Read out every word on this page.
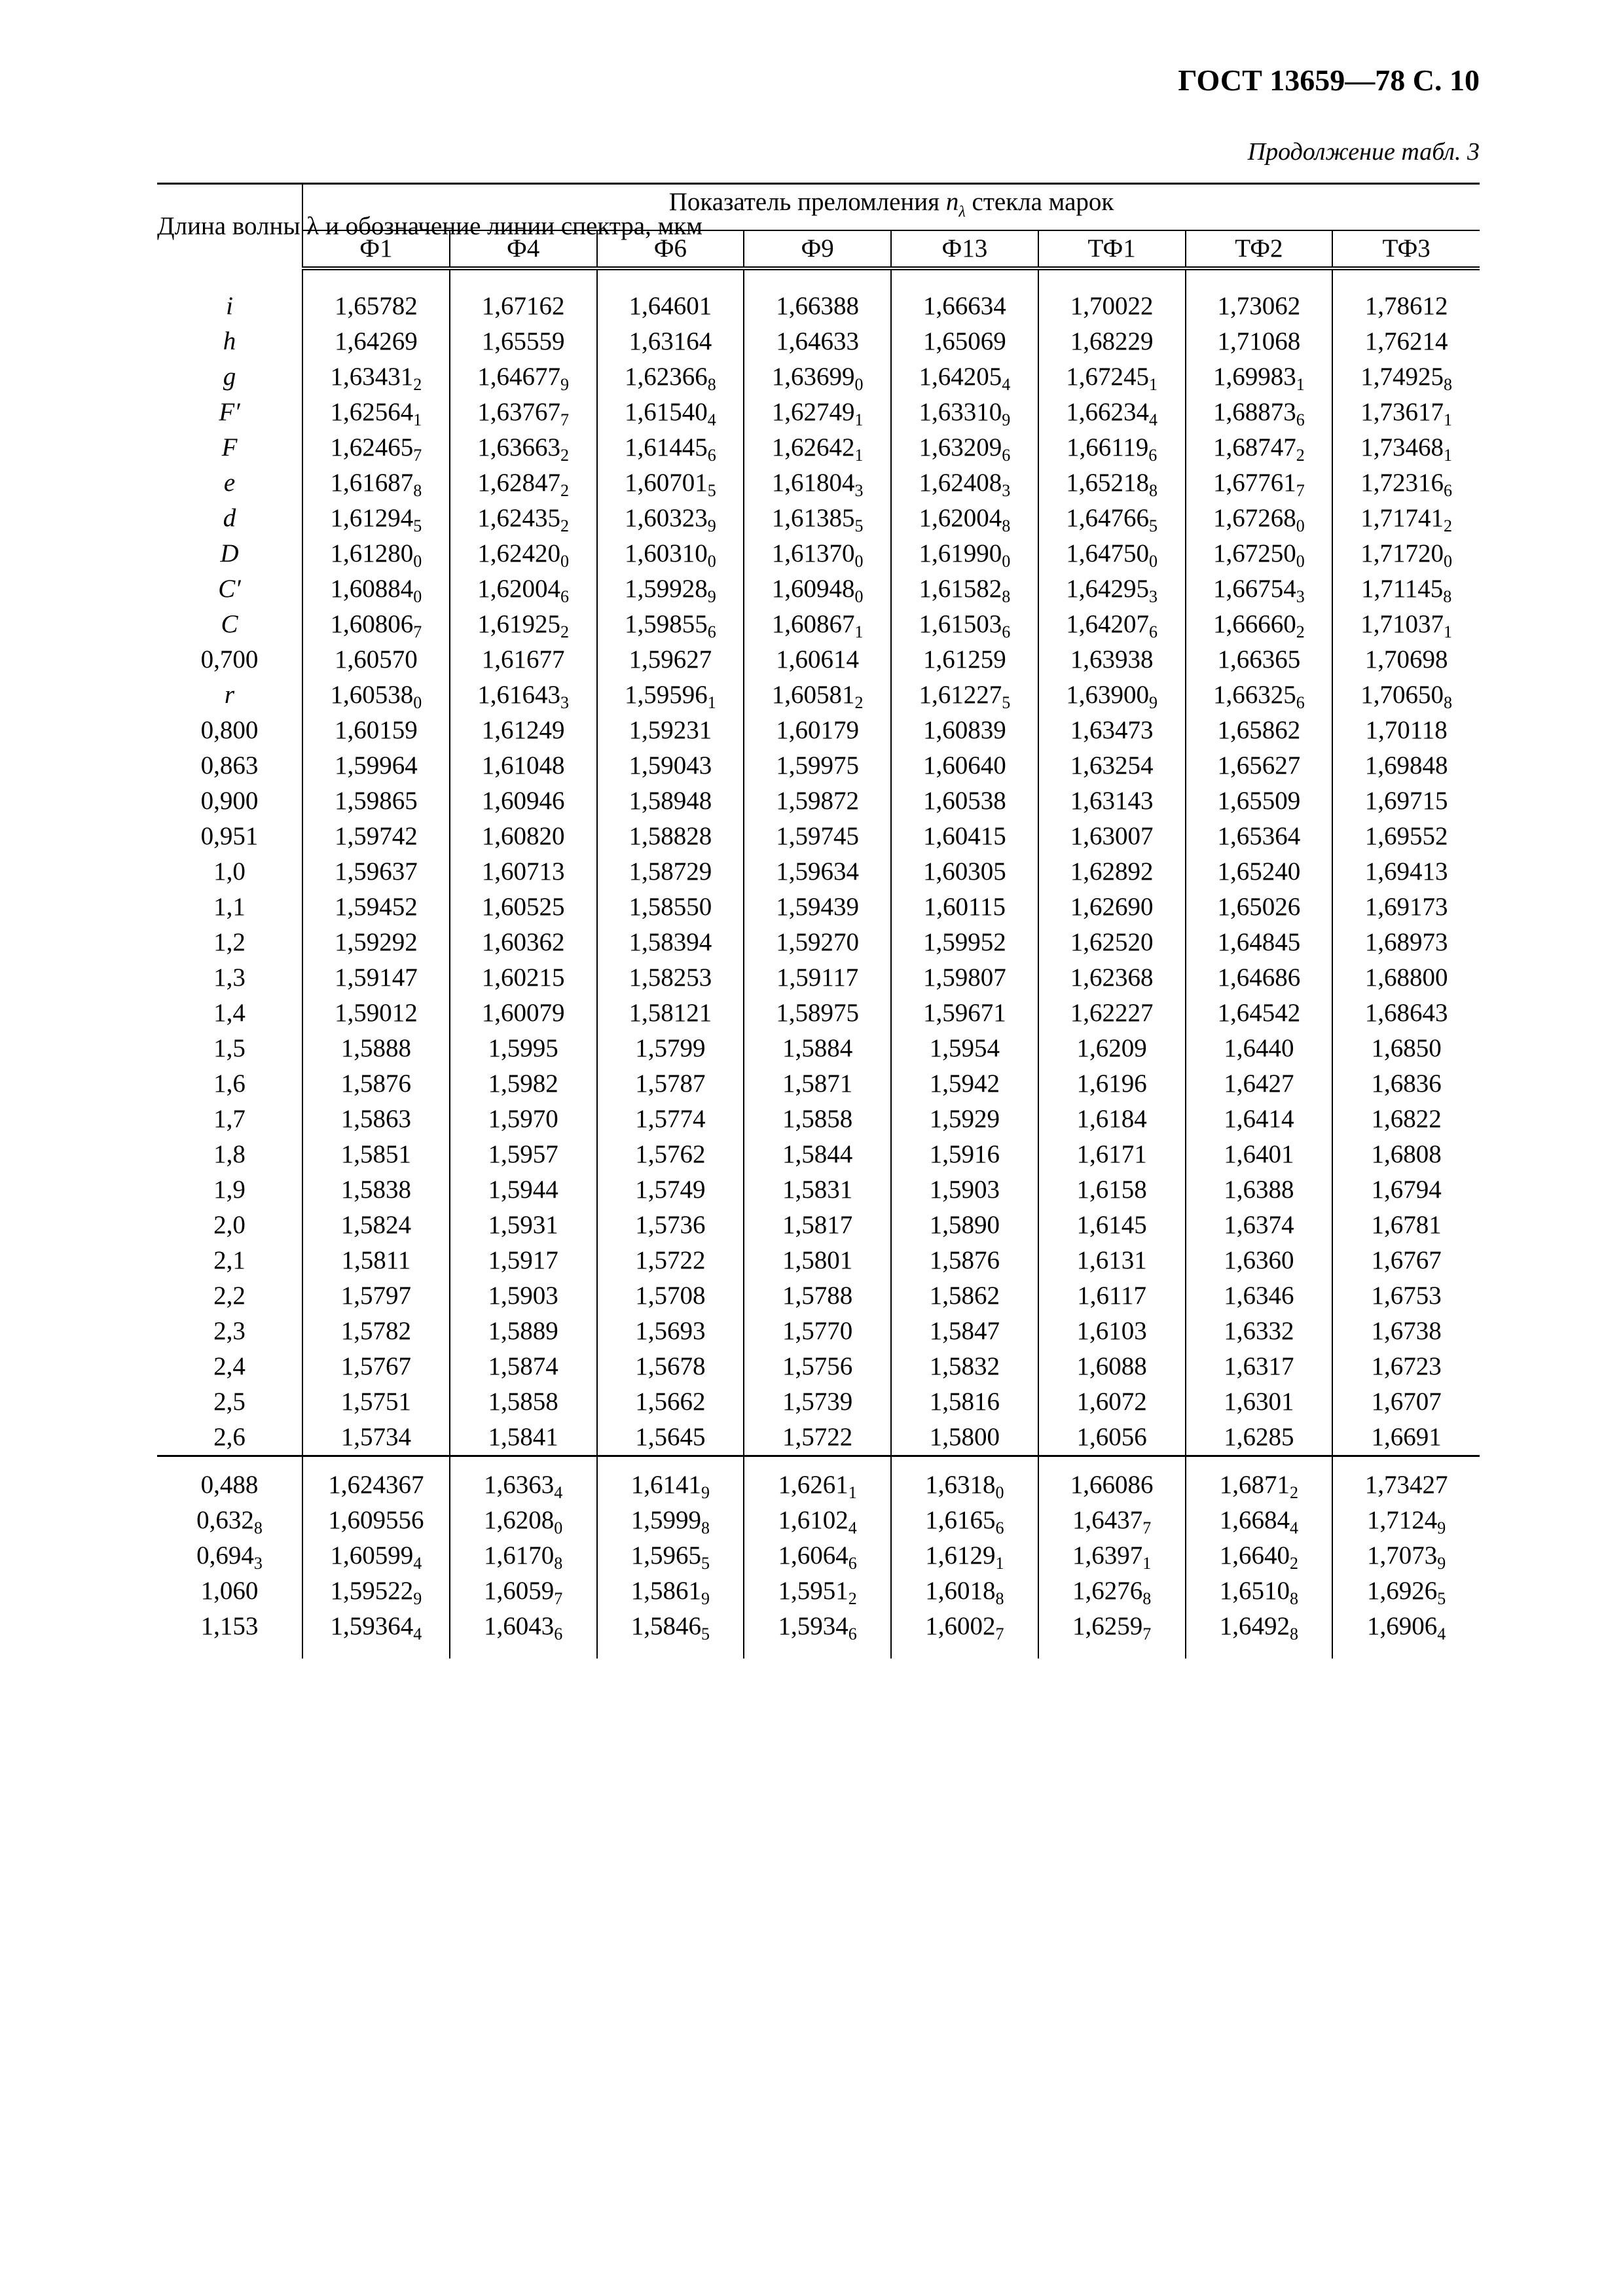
ГОСТ 13659—78 С. 10
Продолжение табл. 3
Длина волны λ и обозначение линии спектра, мкм	Показатель преломления $n_\lambda$ стекла марок							
	Ф1	Ф4	Ф6	Ф9	Ф13	ТФ1	ТФ2	ТФ3

i	1,65782	1,67162	1,64601	1,66388	1,66634	1,70022	1,73062	1,78612
h	1,64269	1,65559	1,63164	1,64633	1,65069	1,68229	1,71068	1,76214
g	$1,63431_2$	$1,64677_9$	$1,62366_8$	$1,63699_0$	$1,64205_4$	$1,67245_1$	$1,69983_1$	$1,74925_8$
F′	$1,62564_1$	$1,63767_7$	$1,61540_4$	$1,62749_1$	$1,63310_9$	$1,66234_4$	$1,68873_6$	$1,73617_1$
F	$1,62465_7$	$1,63663_2$	$1,61445_6$	$1,62642_1$	$1,63209_6$	$1,66119_6$	$1,68747_2$	$1,73468_1$
e	$1,61687_8$	$1,62847_2$	$1,60701_5$	$1,61804_3$	$1,62408_3$	$1,65218_8$	$1,67761_7$	$1,72316_6$
d	$1,61294_5$	$1,62435_2$	$1,60323_9$	$1,61385_5$	$1,62004_8$	$1,64766_5$	$1,67268_0$	$1,71741_2$
D	$1,61280_0$	$1,62420_0$	$1,60310_0$	$1,61370_0$	$1,61990_0$	$1,64750_0$	$1,67250_0$	$1,71720_0$
C′	$1,60884_0$	$1,62004_6$	$1,59928_9$	$1,60948_0$	$1,61582_8$	$1,64295_3$	$1,66754_3$	$1,71145_8$
C	$1,60806_7$	$1,61925_2$	$1,59855_6$	$1,60867_1$	$1,61503_6$	$1,64207_6$	$1,66660_2$	$1,71037_1$
0,700	1,60570	1,61677	1,59627	1,60614	1,61259	1,63938	1,66365	1,70698
r	$1,60538_0$	$1,61643_3$	$1,59596_1$	$1,60581_2$	$1,61227_5$	$1,63900_9$	$1,66325_6$	$1,70650_8$
0,800	1,60159	1,61249	1,59231	1,60179	1,60839	1,63473	1,65862	1,70118
0,863	1,59964	1,61048	1,59043	1,59975	1,60640	1,63254	1,65627	1,69848
0,900	1,59865	1,60946	1,58948	1,59872	1,60538	1,63143	1,65509	1,69715
0,951	1,59742	1,60820	1,58828	1,59745	1,60415	1,63007	1,65364	1,69552
1,0	1,59637	1,60713	1,58729	1,59634	1,60305	1,62892	1,65240	1,69413
1,1	1,59452	1,60525	1,58550	1,59439	1,60115	1,62690	1,65026	1,69173
1,2	1,59292	1,60362	1,58394	1,59270	1,59952	1,62520	1,64845	1,68973
1,3	1,59147	1,60215	1,58253	1,59117	1,59807	1,62368	1,64686	1,68800
1,4	1,59012	1,60079	1,58121	1,58975	1,59671	1,62227	1,64542	1,68643
1,5	1,5888	1,5995	1,5799	1,5884	1,5954	1,6209	1,6440	1,6850
1,6	1,5876	1,5982	1,5787	1,5871	1,5942	1,6196	1,6427	1,6836
1,7	1,5863	1,5970	1,5774	1,5858	1,5929	1,6184	1,6414	1,6822
1,8	1,5851	1,5957	1,5762	1,5844	1,5916	1,6171	1,6401	1,6808
1,9	1,5838	1,5944	1,5749	1,5831	1,5903	1,6158	1,6388	1,6794
2,0	1,5824	1,5931	1,5736	1,5817	1,5890	1,6145	1,6374	1,6781
2,1	1,5811	1,5917	1,5722	1,5801	1,5876	1,6131	1,6360	1,6767
2,2	1,5797	1,5903	1,5708	1,5788	1,5862	1,6117	1,6346	1,6753
2,3	1,5782	1,5889	1,5693	1,5770	1,5847	1,6103	1,6332	1,6738
2,4	1,5767	1,5874	1,5678	1,5756	1,5832	1,6088	1,6317	1,6723
2,5	1,5751	1,5858	1,5662	1,5739	1,5816	1,6072	1,6301	1,6707
2,6	1,5734	1,5841	1,5645	1,5722	1,5800	1,6056	1,6285	1,6691

0,488	1,624367	$1,6363_4$	$1,6141_9$	$1,6261_1$	$1,6318_0$	1,66086	$1,6871_2$	1,73427
$0,632_8$	1,609556	$1,6208_0$	$1,5999_8$	$1,6102_4$	$1,6165_6$	$1,6437_7$	$1,6684_4$	$1,7124_9$
$0,694_3$	$1,60599_4$	$1,6170_8$	$1,5965_5$	$1,6064_6$	$1,6129_1$	$1,6397_1$	$1,6640_2$	$1,7073_9$
1,060	$1,59522_9$	$1,6059_7$	$1,5861_9$	$1,5951_2$	$1,6018_8$	$1,6276_8$	$1,6510_8$	$1,6926_5$
1,153	$1,59364_4$	$1,6043_6$	$1,5846_5$	$1,5934_6$	$1,6002_7$	$1,6259_7$	$1,6492_8$	$1,6906_4$
